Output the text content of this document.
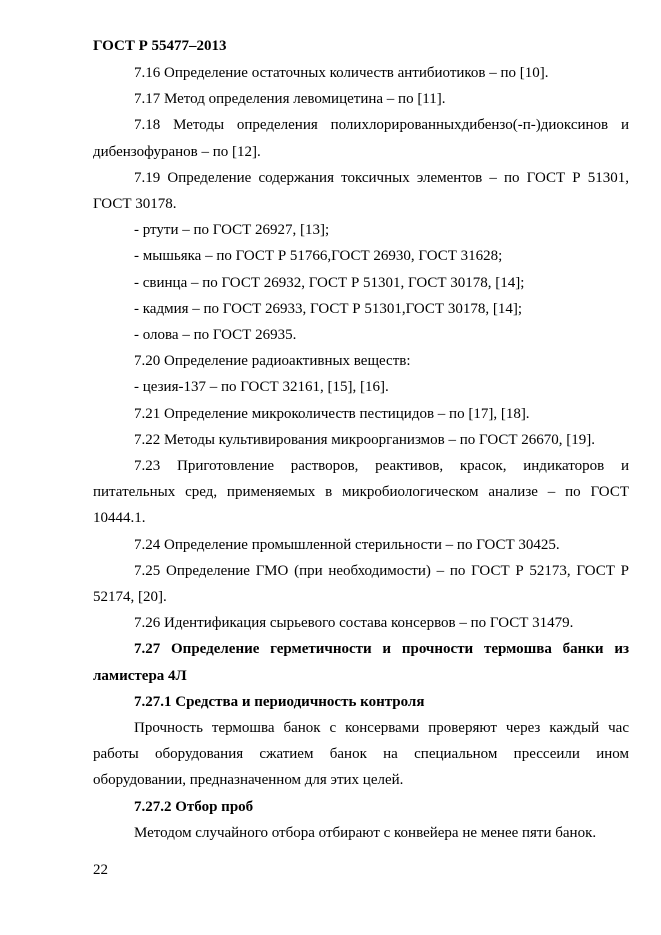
ГОСТ Р 55477–2013

7.16 Определение остаточных количеств антибиотиков – по [10].

7.17 Метод определения левомицетина – по [11].

7.18 Методы определения полихлорированныхдибензо(-п-)диоксинов и дибензофуранов – по [12].

7.19 Определение содержания токсичных элементов – по ГОСТ Р 51301, ГОСТ 30178.

- ртути – по ГОСТ 26927, [13];

- мышьяка – по ГОСТ Р 51766,ГОСТ 26930, ГОСТ 31628;

- свинца – по ГОСТ 26932, ГОСТ Р 51301, ГОСТ 30178, [14];

- кадмия – по ГОСТ 26933, ГОСТ Р 51301,ГОСТ 30178, [14];

- олова – по ГОСТ 26935.

7.20 Определение радиоактивных веществ:

- цезия-137 – по ГОСТ 32161, [15], [16].

7.21 Определение микроколичеств пестицидов – по [17], [18].

7.22 Методы культивирования микроорганизмов – по ГОСТ 26670, [19].

7.23 Приготовление растворов, реактивов, красок, индикаторов и питательных сред, применяемых в микробиологическом анализе – по ГОСТ 10444.1.

7.24 Определение промышленной стерильности – по ГОСТ 30425.

7.25 Определение ГМО (при необходимости) – по ГОСТ Р 52173, ГОСТ Р 52174, [20].

7.26 Идентификация сырьевого состава консервов – по ГОСТ 31479.

7.27 Определение герметичности и прочности термошва банки из ламистера 4Л

7.27.1 Средства и периодичность контроля

Прочность термошва банок с консервами проверяют через каждый час работы оборудования сжатием банок на специальном прессеили ином оборудовании, предназначенном для этих целей.

7.27.2 Отбор проб

Методом случайного отбора отбирают с конвейера не менее пяти банок.

22
